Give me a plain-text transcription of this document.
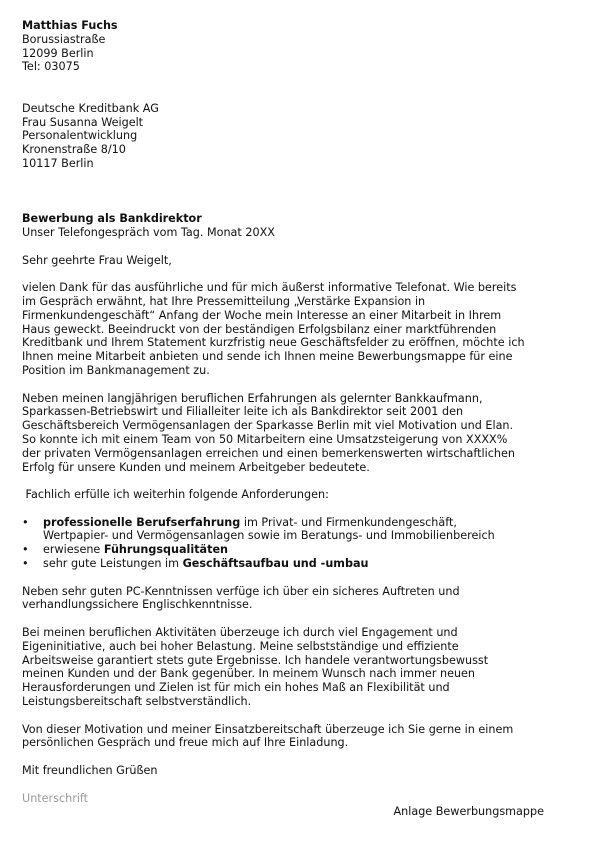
Matthias Fuchs
Borussiastraße
12099 Berlin
Tel: 03075
Deutsche Kreditbank AG
Frau Susanna Weigelt
Personalentwicklung
Kronenstraße 8/10
10117 Berlin
Bewerbung als Bankdirektor
Unser Telefongespräch vom Tag. Monat 20XX

Sehr geehrte Frau Weigelt,

vielen Dank für das ausführliche und für mich äußerst informative Telefonat. Wie bereits
im Gespräch erwähnt, hat Ihre Pressemitteilung „Verstärke Expansion in
Firmenkundengeschäft“ Anfang der Woche mein Interesse an einer Mitarbeit in Ihrem
Haus geweckt. Beeindruckt von der beständigen Erfolgsbilanz einer marktführenden
Kreditbank und Ihrem Statement kurzfristig neue Geschäftsfelder zu eröffnen, möchte ich
Ihnen meine Mitarbeit anbieten und sende ich Ihnen meine Bewerbungsmappe für eine
Position im Bankmanagement zu.

Neben meinen langjährigen beruflichen Erfahrungen als gelernter Bankkaufmann,
Sparkassen-Betriebswirt und Filialleiter leite ich als Bankdirektor seit 2001 den
Geschäftsbereich Vermögensanlagen der Sparkasse Berlin mit viel Motivation und Elan.
So konnte ich mit einem Team von 50 Mitarbeitern eine Umsatzsteigerung von XXXX%
der privaten Vermögensanlagen erreichen und einen bemerkenswerten wirtschaftlichen
Erfolg für unsere Kunden und meinem Arbeitgeber bedeutete.

Fachlich erfülle ich weiterhin folgende Anforderungen:

•	professionelle Berufserfahrung im Privat- und Firmenkundengeschäft,
Wertpapier- und Vermögensanlagen sowie im Beratungs- und Immobilienbereich
•	erwiesene Führungsqualitäten
•	sehr gute Leistungen im Geschäftsaufbau und -umbau

Neben sehr guten PC-Kenntnissen verfüge ich über ein sicheres Auftreten und
verhandlungssichere Englischkenntnisse.

Bei meinen beruflichen Aktivitäten überzeuge ich durch viel Engagement und
Eigeninitiative, auch bei hoher Belastung. Meine selbstständige und effiziente
Arbeitsweise garantiert stets gute Ergebnisse. Ich handele verantwortungsbewusst
meinen Kunden und der Bank gegenüber. In meinem Wunsch nach immer neuen
Herausforderungen und Zielen ist für mich ein hohes Maß an Flexibilität und
Leistungsbereitschaft selbstverständlich.

Von dieser Motivation und meiner Einsatzbereitschaft überzeuge ich Sie gerne in einem
persönlichen Gespräch und freue mich auf Ihre Einladung.

Mit freundlichen Grüßen

Unterschrift

Anlage Bewerbungsmappe
